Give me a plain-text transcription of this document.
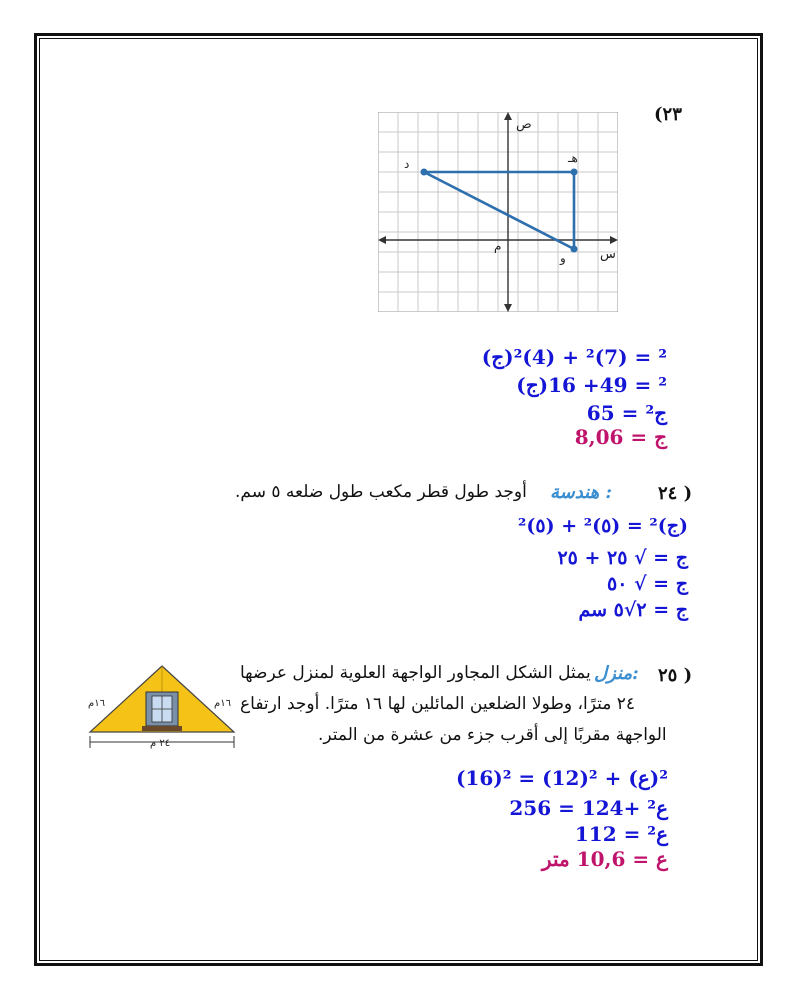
(٢٣
ص
س
م
د	هـ
و
(ج)² = (7)² + (4)²
(ج)² = 49+ 16
ج² = 65
ج = 8,06
٢٤ )
هندسة :
أوجد طول قطر مكعب طول ضلعه ٥ سم.
(ج)² = (٥)² + (٥)²
ج = √ ٢٥ + ٢٥
ج = √ ٥٠
ج = ٢√٥ سم
٢٥ )
منزل:
يمثل الشكل المجاور الواجهة العلوية لمنزل عرضها
٢٤ مترًا، وطولا الضلعين المائلين لها ١٦ مترًا. أوجد ارتفاع
الواجهة مقربًا إلى أقرب جزء من عشرة من المتر.
١٦م	١٦م
٢٤ م
(16)² = (12)² + (ع)²
256 = 124+ ع²
ع² = 112
ع = 10,6 متر
